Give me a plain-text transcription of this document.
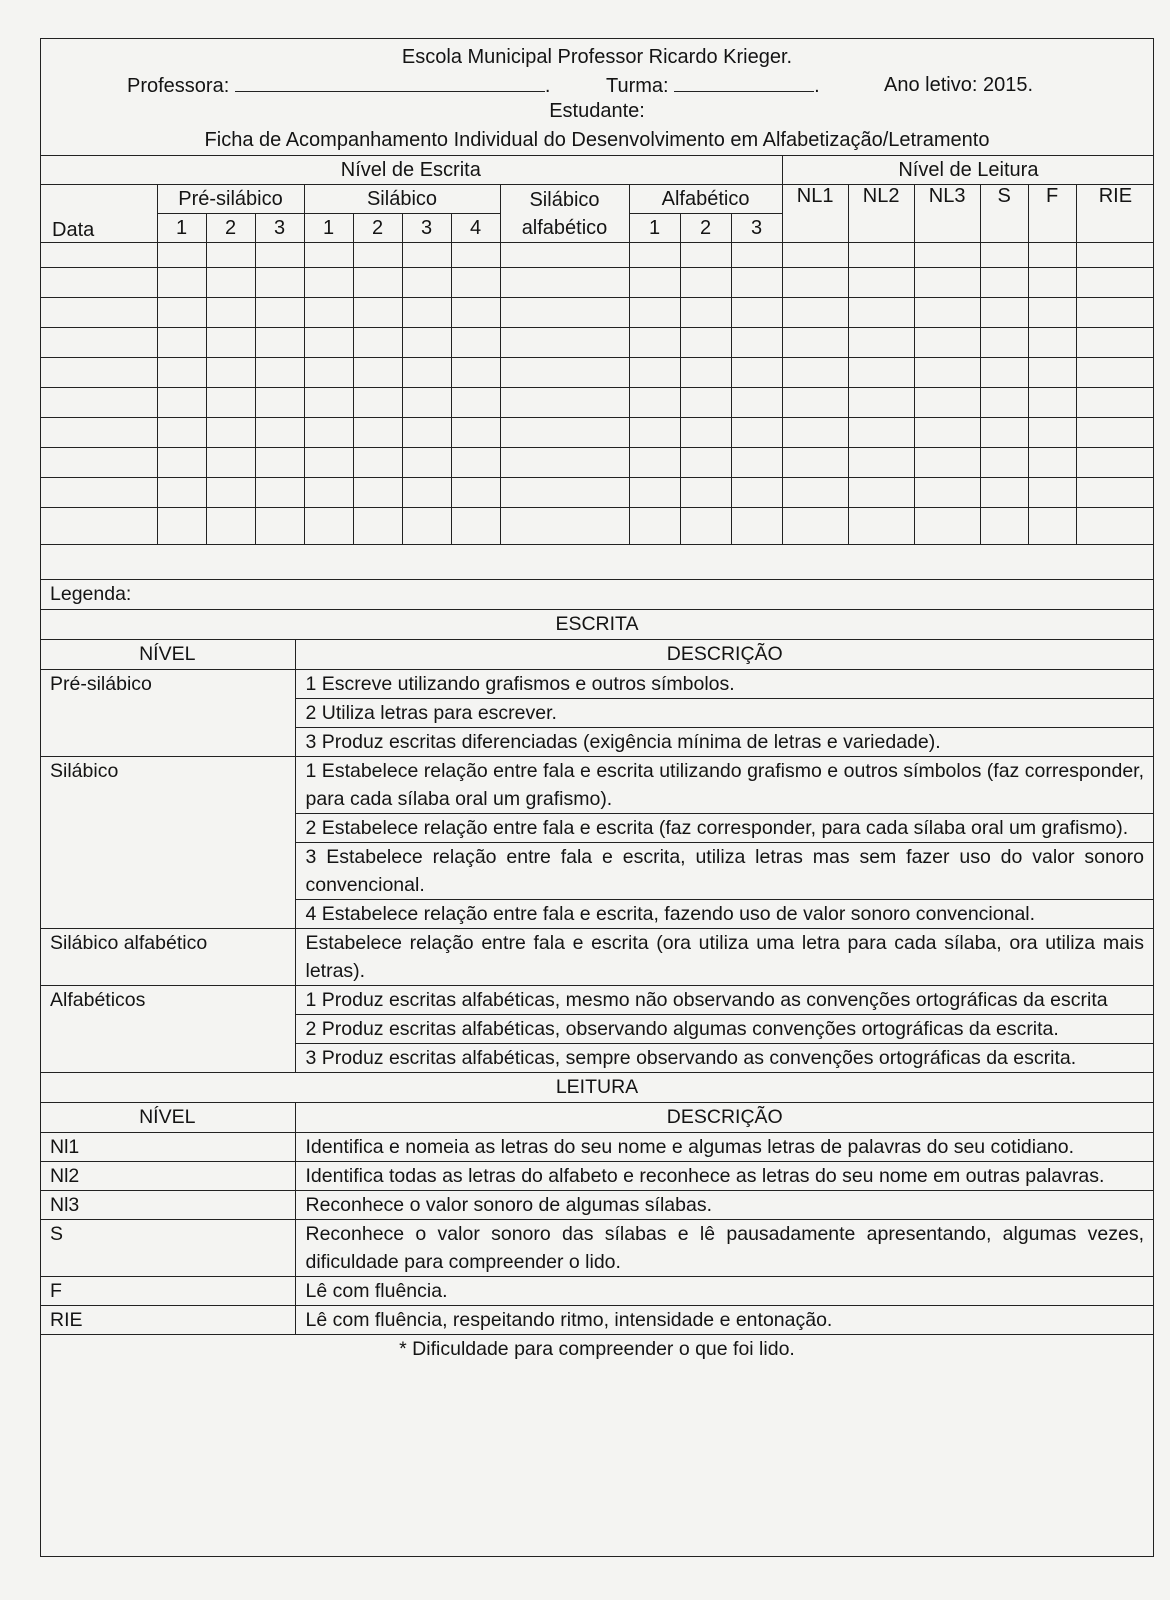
Escola Municipal Professor Ricardo Krieger.
Professora:	.	Turma:	.	Ano letivo: 2015.
Estudante:
Ficha de Acompanhamento Individual do Desenvolvimento em Alfabetização/Letramento
Nível de Escrita												Nível de Leitura					
Data	Pré-silábico			Silábico				Silábico alfabético	Alfabético			NL1	NL2	NL3	S	F	RIE
	1	2	3	1	2	3	4		1	2	3						

Legenda:	
ESCRITA	
NÍVEL	DESCRIÇÃO
Pré-silábico	1 Escreve utilizando grafismos e outros símbolos.
	2 Utiliza letras para escrever.
	3 Produz escritas diferenciadas (exigência mínima de letras e variedade).
Silábico	1 Estabelece relação entre fala e escrita utilizando grafismo e outros símbolos (faz corresponder, para cada sílaba oral um grafismo).
	2 Estabelece relação entre fala e escrita (faz corresponder, para cada sílaba oral um grafismo).
	3 Estabelece relação entre fala e escrita, utiliza letras mas sem fazer uso do valor sonoro convencional.
	4 Estabelece relação entre fala e escrita, fazendo uso de valor sonoro convencional.
Silábico alfabético	Estabelece relação entre fala e escrita (ora utiliza uma letra para cada sílaba, ora utiliza mais letras).
Alfabéticos	1 Produz escritas alfabéticas, mesmo não observando as convenções ortográficas da escrita
	2 Produz escritas alfabéticas, observando algumas convenções ortográficas da escrita.
	3 Produz escritas alfabéticas, sempre observando as convenções ortográficas da escrita.
LEITURA	
NÍVEL	DESCRIÇÃO
Nl1	Identifica e nomeia as letras do seu nome e algumas letras de palavras do seu cotidiano.
Nl2	Identifica todas as letras do alfabeto e reconhece as letras do seu nome em outras palavras.
Nl3	Reconhece o valor sonoro de algumas sílabas.
S	Reconhece o valor sonoro das sílabas e lê pausadamente apresentando, algumas vezes, dificuldade para compreender o lido.
F	Lê com fluência.
RIE	Lê com fluência, respeitando ritmo, intensidade e entonação.
* Dificuldade para compreender o que foi lido.	
